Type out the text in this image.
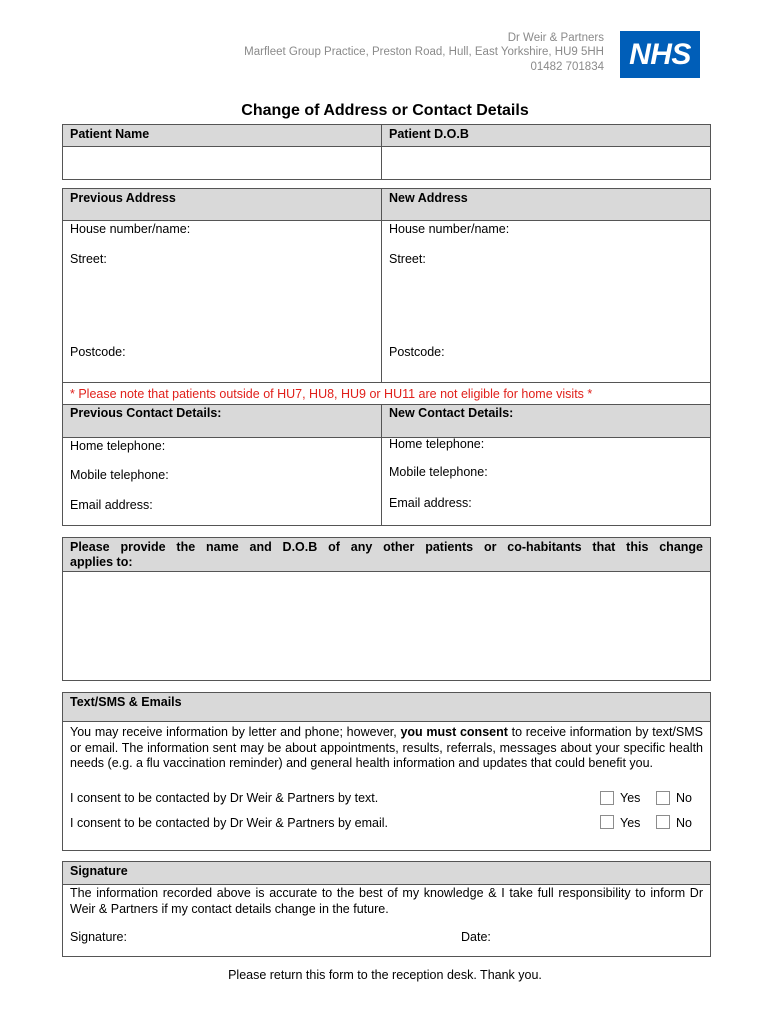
Dr Weir & Partners
Marfleet Group Practice, Preston Road, Hull, East Yorkshire, HU9 5HH
01482 701834 NHS
Change of Address or Contact Details
Patient Name	Patient D.O.B
Previous Address	New Address
House number/name:	House number/name:
Street:	Street:
Postcode:	Postcode:
* Please note that patients outside of HU7, HU8, HU9 or HU11 are not eligible for home visits *
Previous Contact Details:	New Contact Details:
Home telephone:	Home telephone:
Mobile telephone:	Mobile telephone:
Email address:	Email address:
Please provide the name and D.O.B of any other patients or co-habitants that this change
applies to:
Text/SMS & Emails
You may receive information by letter and phone; however, you must consent to receive information by text/SMS or email. The information sent may be about appointments, results, referrals, messages about your specific health needs (e.g. a flu vaccination reminder) and general health information and updates that could benefit you.
I consent to be contacted by Dr Weir & Partners by text.	Yes	No
I consent to be contacted by Dr Weir & Partners by email.	Yes	No
Signature
The information recorded above is accurate to the best of my knowledge & I take full responsibility to inform Dr Weir & Partners if my contact details change in the future.
Signature:	Date:
Please return this form to the reception desk. Thank you.
